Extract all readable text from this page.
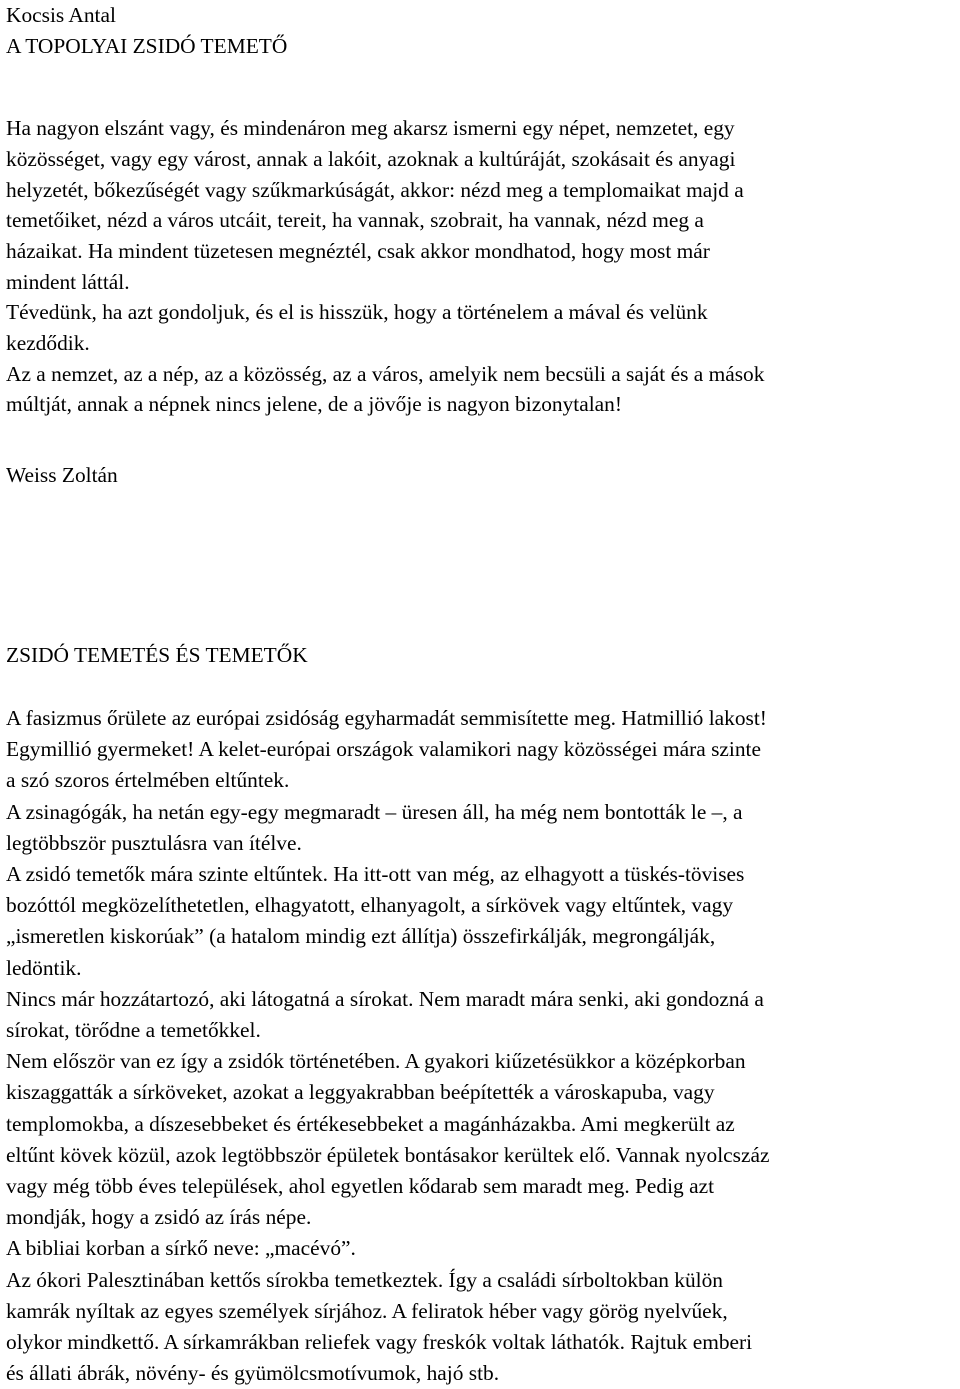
Kocsis Antal
A TOPOLYAI ZSIDÓ TEMETŐ
Ha nagyon elszánt vagy, és mindenáron meg akarsz ismerni egy népet, nemzetet, egy
közösséget, vagy egy várost, annak a lakóit, azoknak a kultúráját, szokásait és anyagi
helyzetét, bőkezűségét vagy szűkmarkúságát, akkor: nézd meg a templomaikat majd a
temetőiket, nézd a város utcáit, tereit, ha vannak, szobrait, ha vannak, nézd meg a
házaikat. Ha mindent tüzetesen megnéztél, csak akkor mondhatod, hogy most már
mindent láttál.
Tévedünk, ha azt gondoljuk, és el is hisszük, hogy a történelem a mával és velünk
kezdődik.
Az a nemzet, az a nép, az a közösség, az a város, amelyik nem becsüli a saját és a mások
múltját, annak a népnek nincs jelene, de a jövője is nagyon bizonytalan!
Weiss Zoltán
ZSIDÓ TEMETÉS ÉS TEMETŐK
A fasizmus őrülete az európai zsidóság egyharmadát semmisítette meg. Hatmillió lakost!
Egymillió gyermeket! A kelet-európai országok valamikori nagy közösségei mára szinte
a szó szoros értelmében eltűntek.
A zsinagógák, ha netán egy-egy megmaradt – üresen áll, ha még nem bontották le –, a
legtöbbször pusztulásra van ítélve.
A zsidó temetők mára szinte eltűntek. Ha itt-ott van még, az elhagyott a tüskés-tövises
bozóttól megközelíthetetlen, elhagyatott, elhanyagolt, a sírkövek vagy eltűntek, vagy
„ismeretlen kiskorúak” (a hatalom mindig ezt állítja) összefirkálják, megrongálják,
ledöntik.
Nincs már hozzátartozó, aki látogatná a sírokat. Nem maradt mára senki, aki gondozná a
sírokat, törődne a temetőkkel.
Nem először van ez így a zsidók történetében. A gyakori kiűzetésükkor a középkorban
kiszaggatták a sírköveket, azokat a leggyakrabban beépítették a városkapuba, vagy
templomokba, a díszesebbeket és értékesebbeket a magánházakba. Ami megkerült az
eltűnt kövek közül, azok legtöbbször épületek bontásakor kerültek elő. Vannak nyolcszáz
vagy még több éves települések, ahol egyetlen kődarab sem maradt meg. Pedig azt
mondják, hogy a zsidó az írás népe.
A bibliai korban a sírkő neve: „macévó”.
Az ókori Palesztinában kettős sírokba temetkeztek. Így a családi sírboltokban külön
kamrák nyíltak az egyes személyek sírjához. A feliratok héber vagy görög nyelvűek,
olykor mindkettő. A sírkamrákban reliefek vagy freskók voltak láthatók. Rajtuk emberi
és állati ábrák, növény- és gyümölcsmotívumok, hajó stb.
